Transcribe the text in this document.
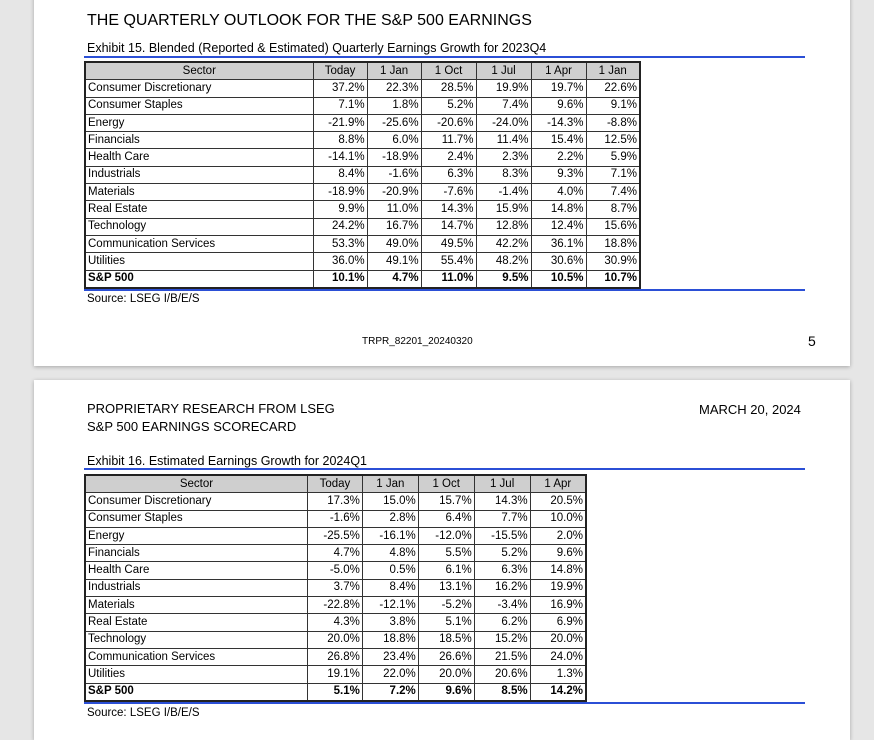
THE QUARTERLY OUTLOOK FOR THE S&P 500 EARNINGS
Exhibit 15. Blended (Reported & Estimated) Quarterly Earnings Growth for 2023Q4
Sector	Today	1 Jan	1 Oct	1 Jul	1 Apr	1 Jan
Consumer Discretionary	37.2%	22.3%	28.5%	19.9%	19.7%	22.6%
Consumer Staples	7.1%	1.8%	5.2%	7.4%	9.6%	9.1%
Energy	-21.9%	-25.6%	-20.6%	-24.0%	-14.3%	-8.8%
Financials	8.8%	6.0%	11.7%	11.4%	15.4%	12.5%
Health Care	-14.1%	-18.9%	2.4%	2.3%	2.2%	5.9%
Industrials	8.4%	-1.6%	6.3%	8.3%	9.3%	7.1%
Materials	-18.9%	-20.9%	-7.6%	-1.4%	4.0%	7.4%
Real Estate	9.9%	11.0%	14.3%	15.9%	14.8%	8.7%
Technology	24.2%	16.7%	14.7%	12.8%	12.4%	15.6%
Communication Services	53.3%	49.0%	49.5%	42.2%	36.1%	18.8%
Utilities	36.0%	49.1%	55.4%	48.2%	30.6%	30.9%
S&P 500	10.1%	4.7%	11.0%	9.5%	10.5%	10.7%
Source: LSEG I/B/E/S
TRPR_82201_20240320	5
PROPRIETARY RESEARCH FROM LSEG
S&P 500 EARNINGS SCORECARD
MARCH 20, 2024
Exhibit 16. Estimated Earnings Growth for 2024Q1
Sector	Today	1 Jan	1 Oct	1 Jul	1 Apr
Consumer Discretionary	17.3%	15.0%	15.7%	14.3%	20.5%
Consumer Staples	-1.6%	2.8%	6.4%	7.7%	10.0%
Energy	-25.5%	-16.1%	-12.0%	-15.5%	2.0%
Financials	4.7%	4.8%	5.5%	5.2%	9.6%
Health Care	-5.0%	0.5%	6.1%	6.3%	14.8%
Industrials	3.7%	8.4%	13.1%	16.2%	19.9%
Materials	-22.8%	-12.1%	-5.2%	-3.4%	16.9%
Real Estate	4.3%	3.8%	5.1%	6.2%	6.9%
Technology	20.0%	18.8%	18.5%	15.2%	20.0%
Communication Services	26.8%	23.4%	26.6%	21.5%	24.0%
Utilities	19.1%	22.0%	20.0%	20.6%	1.3%
S&P 500	5.1%	7.2%	9.6%	8.5%	14.2%
Source: LSEG I/B/E/S
